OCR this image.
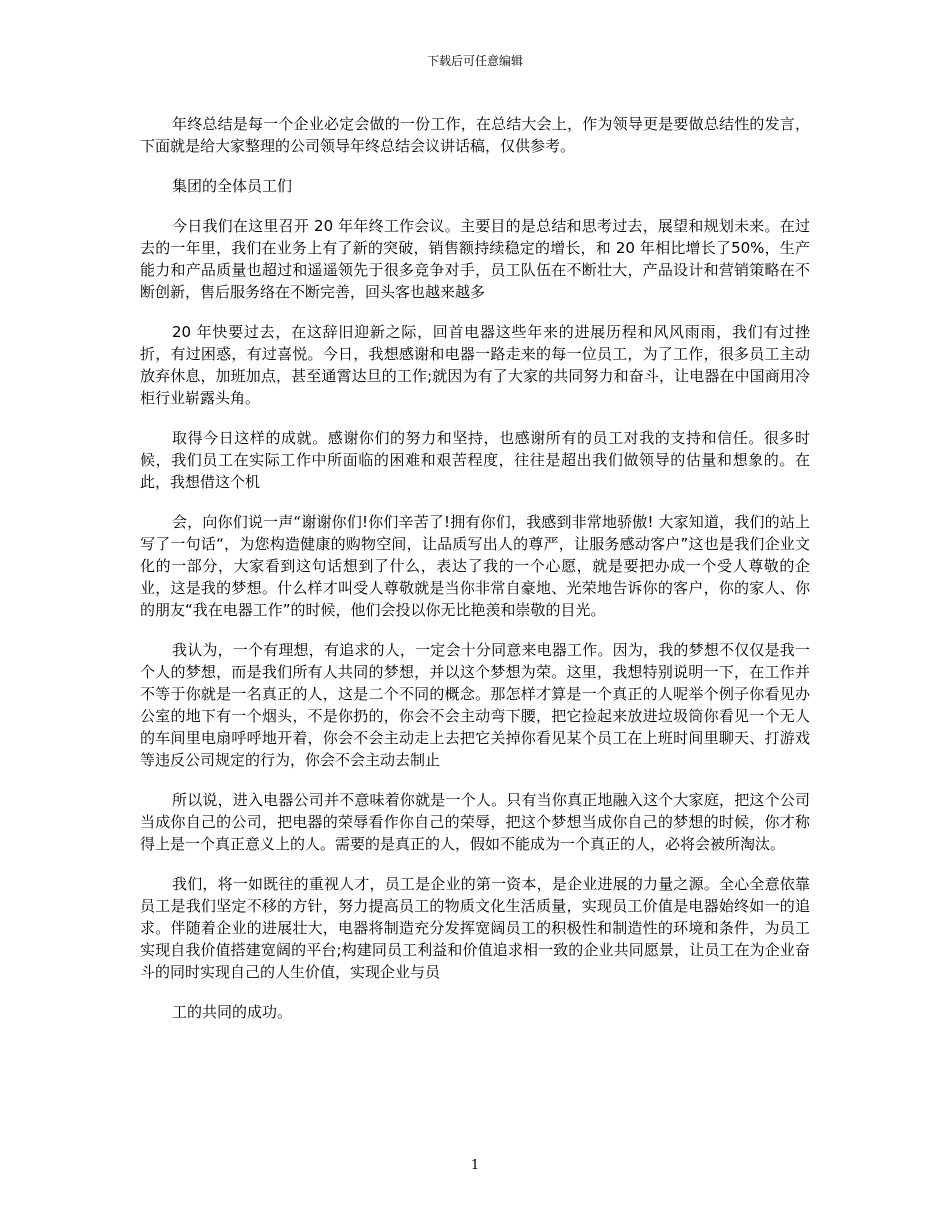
下载后可任意编辑

年终总结是每一个企业必定会做的一份工作，在总结大会上，作为领导更是要做总结性的发言，下面就是给大家整理的公司领导年终总结会议讲话稿，仅供参考。

集团的全体员工们

今日我们在这里召开 20 年年终工作会议。主要目的是总结和思考过去，展望和规划未来。在过去的一年里，我们在业务上有了新的突破，销售额持续稳定的增长，和 20 年相比增长了50%，生产能力和产品质量也超过和遥遥领先于很多竞争对手，员工队伍在不断壮大，产品设计和营销策略在不断创新，售后服务络在不断完善，回头客也越来越多

20 年快要过去，在这辞旧迎新之际，回首电器这些年来的进展历程和风风雨雨，我们有过挫折，有过困惑，有过喜悦。今日，我想感谢和电器一路走来的每一位员工，为了工作，很多员工主动放弃休息，加班加点，甚至通霄达旦的工作;就因为有了大家的共同努力和奋斗，让电器在中国商用冷柜行业崭露头角。

取得今日这样的成就。感谢你们的努力和坚持，也感谢所有的员工对我的支持和信任。很多时候，我们员工在实际工作中所面临的困难和艰苦程度，往往是超出我们做领导的估量和想象的。在此，我想借这个机

会，向你们说一声“谢谢你们!你们辛苦了!拥有你们，我感到非常地骄傲! 大家知道，我们的站上写了一句话“，为您构造健康的购物空间，让品质写出人的尊严，让服务感动客户”这也是我们企业文化的一部分，大家看到这句话想到了什么，表达了我的一个心愿，就是要把办成一个受人尊敬的企业，这是我的梦想。什么样才叫受人尊敬就是当你非常自豪地、光荣地告诉你的客户，你的家人、你的朋友“我在电器工作”的时候，他们会投以你无比艳羡和崇敬的目光。

我认为，一个有理想，有追求的人，一定会十分同意来电器工作。因为，我的梦想不仅仅是我一个人的梦想，而是我们所有人共同的梦想，并以这个梦想为荣。这里，我想特别说明一下，在工作并不等于你就是一名真正的人，这是二个不同的概念。那怎样才算是一个真正的人呢举个例子你看见办公室的地下有一个烟头，不是你扔的，你会不会主动弯下腰，把它捡起来放进垃圾筒你看见一个无人的车间里电扇呼呼地开着，你会不会主动走上去把它关掉你看见某个员工在上班时间里聊天、打游戏等违反公司规定的行为，你会不会主动去制止

所以说，进入电器公司并不意味着你就是一个人。只有当你真正地融入这个大家庭，把这个公司当成你自己的公司，把电器的荣辱看作你自己的荣辱，把这个梦想当成你自己的梦想的时候，你才称得上是一个真正意义上的人。需要的是真正的人，假如不能成为一个真正的人，必将会被所淘汰。

我们，将一如既往的重视人才，员工是企业的第一资本，是企业进展的力量之源。全心全意依靠员工是我们坚定不移的方针，努力提高员工的物质文化生活质量，实现员工价值是电器始终如一的追求。伴随着企业的进展壮大，电器将制造充分发挥宽阔员工的积极性和制造性的环境和条件，为员工实现自我价值搭建宽阔的平台;构建同员工利益和价值追求相一致的企业共同愿景，让员工在为企业奋斗的同时实现自己的人生价值，实现企业与员

工的共同的成功。

1
